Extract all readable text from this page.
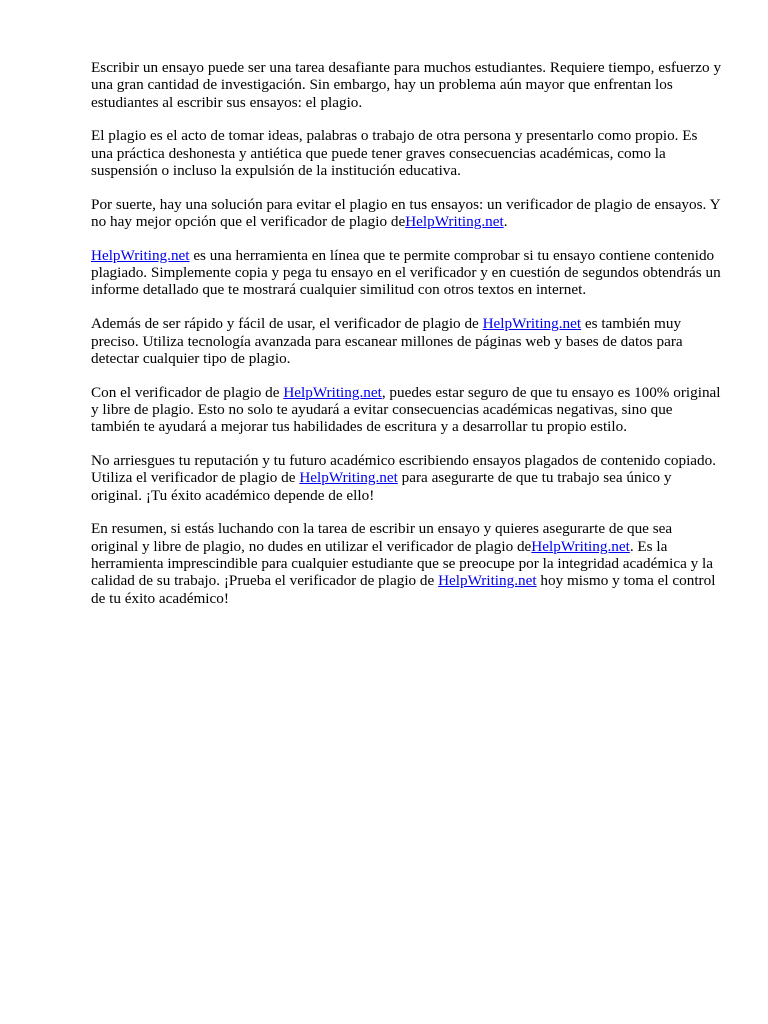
Escribir un ensayo puede ser una tarea desafiante para muchos estudiantes. Requiere tiempo, esfuerzo y una gran cantidad de investigación. Sin embargo, hay un problema aún mayor que enfrentan los estudiantes al escribir sus ensayos: el plagio.

El plagio es el acto de tomar ideas, palabras o trabajo de otra persona y presentarlo como propio. Es una práctica deshonesta y antiética que puede tener graves consecuencias académicas, como la suspensión o incluso la expulsión de la institución educativa.

Por suerte, hay una solución para evitar el plagio en tus ensayos: un verificador de plagio de ensayos. Y no hay mejor opción que el verificador de plagio deHelpWriting.net.

HelpWriting.net es una herramienta en línea que te permite comprobar si tu ensayo contiene contenido plagiado. Simplemente copia y pega tu ensayo en el verificador y en cuestión de segundos obtendrás un informe detallado que te mostrará cualquier similitud con otros textos en internet.

Además de ser rápido y fácil de usar, el verificador de plagio de HelpWriting.net es también muy preciso. Utiliza tecnología avanzada para escanear millones de páginas web y bases de datos para detectar cualquier tipo de plagio.

Con el verificador de plagio de HelpWriting.net, puedes estar seguro de que tu ensayo es 100% original y libre de plagio. Esto no solo te ayudará a evitar consecuencias académicas negativas, sino que también te ayudará a mejorar tus habilidades de escritura y a desarrollar tu propio estilo.

No arriesgues tu reputación y tu futuro académico escribiendo ensayos plagados de contenido copiado. Utiliza el verificador de plagio de HelpWriting.net para asegurarte de que tu trabajo sea único y original. ¡Tu éxito académico depende de ello!

En resumen, si estás luchando con la tarea de escribir un ensayo y quieres asegurarte de que sea original y libre de plagio, no dudes en utilizar el verificador de plagio deHelpWriting.net. Es la herramienta imprescindible para cualquier estudiante que se preocupe por la integridad académica y la calidad de su trabajo. ¡Prueba el verificador de plagio de HelpWriting.net hoy mismo y toma el control de tu éxito académico!
